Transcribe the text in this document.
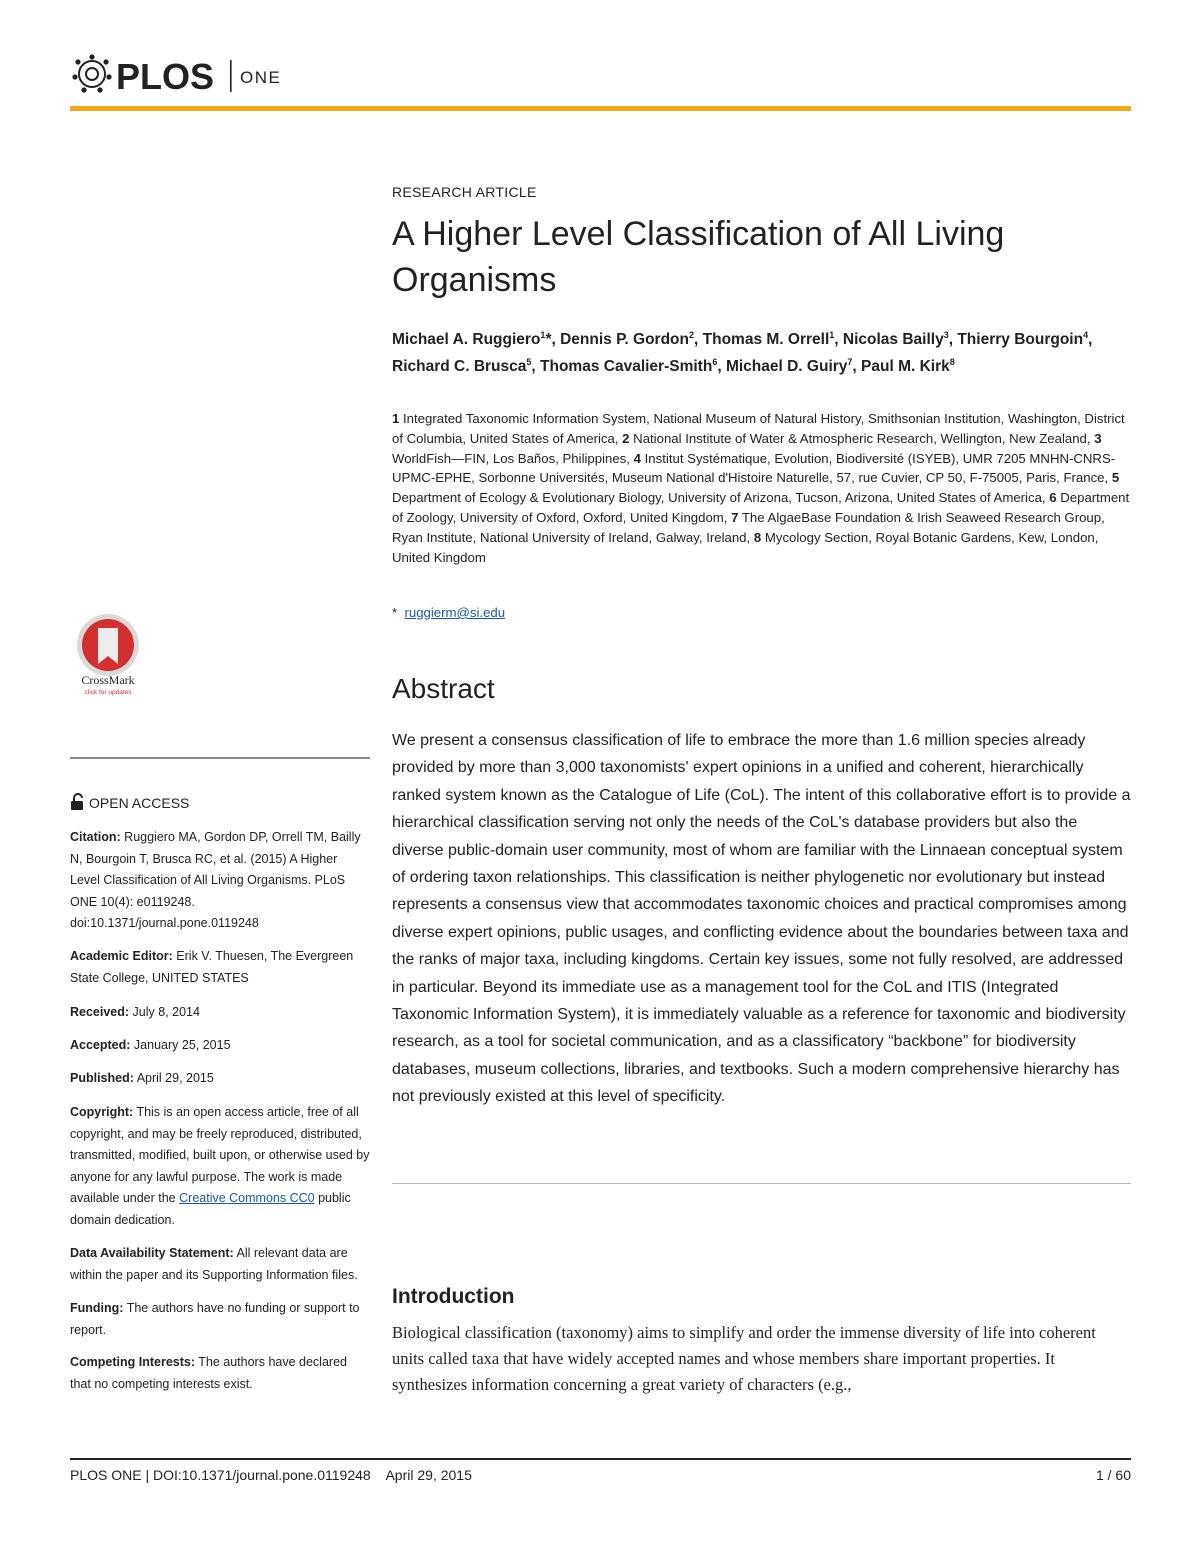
PLOS ONE
RESEARCH ARTICLE
A Higher Level Classification of All Living Organisms
Michael A. Ruggiero$^1$*, Dennis P. Gordon$^2$, Thomas M. Orrell$^1$, Nicolas Bailly$^3$, Thierry Bourgoin$^4$, Richard C. Brusca$^5$, Thomas Cavalier-Smith$^6$, Michael D. Guiry$^7$, Paul M. Kirk$^8$
1 Integrated Taxonomic Information System, National Museum of Natural History, Smithsonian Institution, Washington, District of Columbia, United States of America, 2 National Institute of Water & Atmospheric Research, Wellington, New Zealand, 3 WorldFish—FIN, Los Baños, Philippines, 4 Institut Systématique, Evolution, Biodiversité (ISYEB), UMR 7205 MNHN-CNRS-UPMC-EPHE, Sorbonne Universités, Museum National d'Histoire Naturelle, 57, rue Cuvier, CP 50, F-75005, Paris, France, 5 Department of Ecology & Evolutionary Biology, University of Arizona, Tucson, Arizona, United States of America, 6 Department of Zoology, University of Oxford, Oxford, United Kingdom, 7 The AlgaeBase Foundation & Irish Seaweed Research Group, Ryan Institute, National University of Ireland, Galway, Ireland, 8 Mycology Section, Royal Botanic Gardens, Kew, London, United Kingdom
* ruggierm@si.edu
Abstract
We present a consensus classification of life to embrace the more than 1.6 million species already provided by more than 3,000 taxonomists' expert opinions in a unified and coherent, hierarchically ranked system known as the Catalogue of Life (CoL). The intent of this collaborative effort is to provide a hierarchical classification serving not only the needs of the CoL's database providers but also the diverse public-domain user community, most of whom are familiar with the Linnaean conceptual system of ordering taxon relationships. This classification is neither phylogenetic nor evolutionary but instead represents a consensus view that accommodates taxonomic choices and practical compromises among diverse expert opinions, public usages, and conflicting evidence about the boundaries between taxa and the ranks of major taxa, including kingdoms. Certain key issues, some not fully resolved, are addressed in particular. Beyond its immediate use as a management tool for the CoL and ITIS (Integrated Taxonomic Information System), it is immediately valuable as a reference for taxonomic and biodiversity research, as a tool for societal communication, and as a classificatory “backbone” for biodiversity databases, museum collections, libraries, and textbooks. Such a modern comprehensive hierarchy has not previously existed at this level of specificity.
Introduction
Biological classification (taxonomy) aims to simplify and order the immense diversity of life into coherent units called taxa that have widely accepted names and whose members share important properties. It synthesizes information concerning a great variety of characters (e.g.,
CrossMark
click for updates
OPEN ACCESS
Citation: Ruggiero MA, Gordon DP, Orrell TM, Bailly N, Bourgoin T, Brusca RC, et al. (2015) A Higher Level Classification of All Living Organisms. PLoS ONE 10(4): e0119248. doi:10.1371/journal.pone.0119248
Academic Editor: Erik V. Thuesen, The Evergreen State College, UNITED STATES
Received: July 8, 2014
Accepted: January 25, 2015
Published: April 29, 2015
Copyright: This is an open access article, free of all copyright, and may be freely reproduced, distributed, transmitted, modified, built upon, or otherwise used by anyone for any lawful purpose. The work is made available under the Creative Commons CC0 public domain dedication.
Data Availability Statement: All relevant data are within the paper and its Supporting Information files.
Funding: The authors have no funding or support to report.
Competing Interests: The authors have declared that no competing interests exist.
PLOS ONE | DOI:10.1371/journal.pone.0119248    April 29, 2015	1 / 60
